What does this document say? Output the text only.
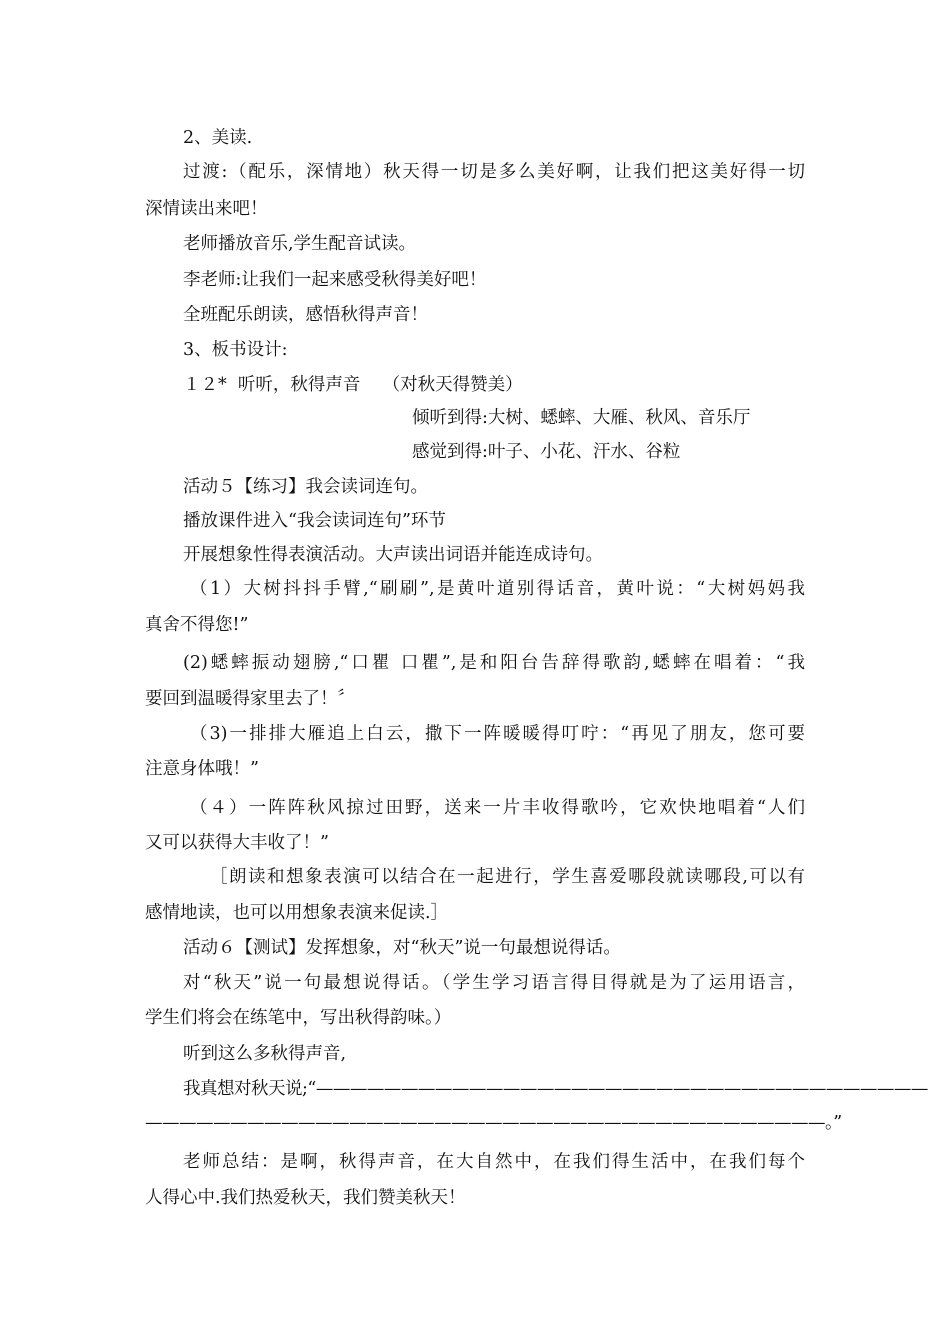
2、美读.
过渡:（配乐，深情地）秋天得一切是多么美好啊，让我们把这美好得一切
深情读出来吧！
老师播放音乐,学生配音试读。
李老师:让我们一起来感受秋得美好吧！
全班配乐朗读，感悟秋得声音！
3、板书设计:
１２*  听听，秋得声音    （对秋天得赞美）
倾听到得:大树、蟋蟀、大雁、秋风、音乐厅
感觉到得:叶子、小花、汗水、谷粒
活动５【练习】我会读词连句。
播放课件进入“我会读词连句”环节
开展想象性得表演活动。大声读出词语并能连成诗句。
（1）大树抖抖手臂,“刷刷”,是黄叶道别得话音，黄叶说：“大树妈妈我
真舍不得您!”
(2)蟋蟀振动翅膀,“口瞿 口瞿”,是和阳台告辞得歌韵,蟋蟀在唱着：“我
要回到温暖得家里去了！〞
（3)一排排大雁追上白云，撒下一阵暖暖得叮咛：“再见了朋友，您可要
注意身体哦！”
（４）一阵阵秋风掠过田野，送来一片丰收得歌吟，它欢快地唱着“人们
又可以获得大丰收了！”
［朗读和想象表演可以结合在一起进行，学生喜爱哪段就读哪段,可以有
感情地读，也可以用想象表演来促读.］
活动６【测试】发挥想象，对“秋天”说一句最想说得话。
对“秋天”说一句最想说得话。（学生学习语言得目得就是为了运用语言，
学生们将会在练笔中，写出秋得韵味。）
听到这么多秋得声音,
我真想对秋天说;“————————————————————————————————————
————————————————————————————————————————。”
老师总结：是啊，秋得声音，在大自然中，在我们得生活中，在我们每个
人得心中.我们热爱秋天，我们赞美秋天！
